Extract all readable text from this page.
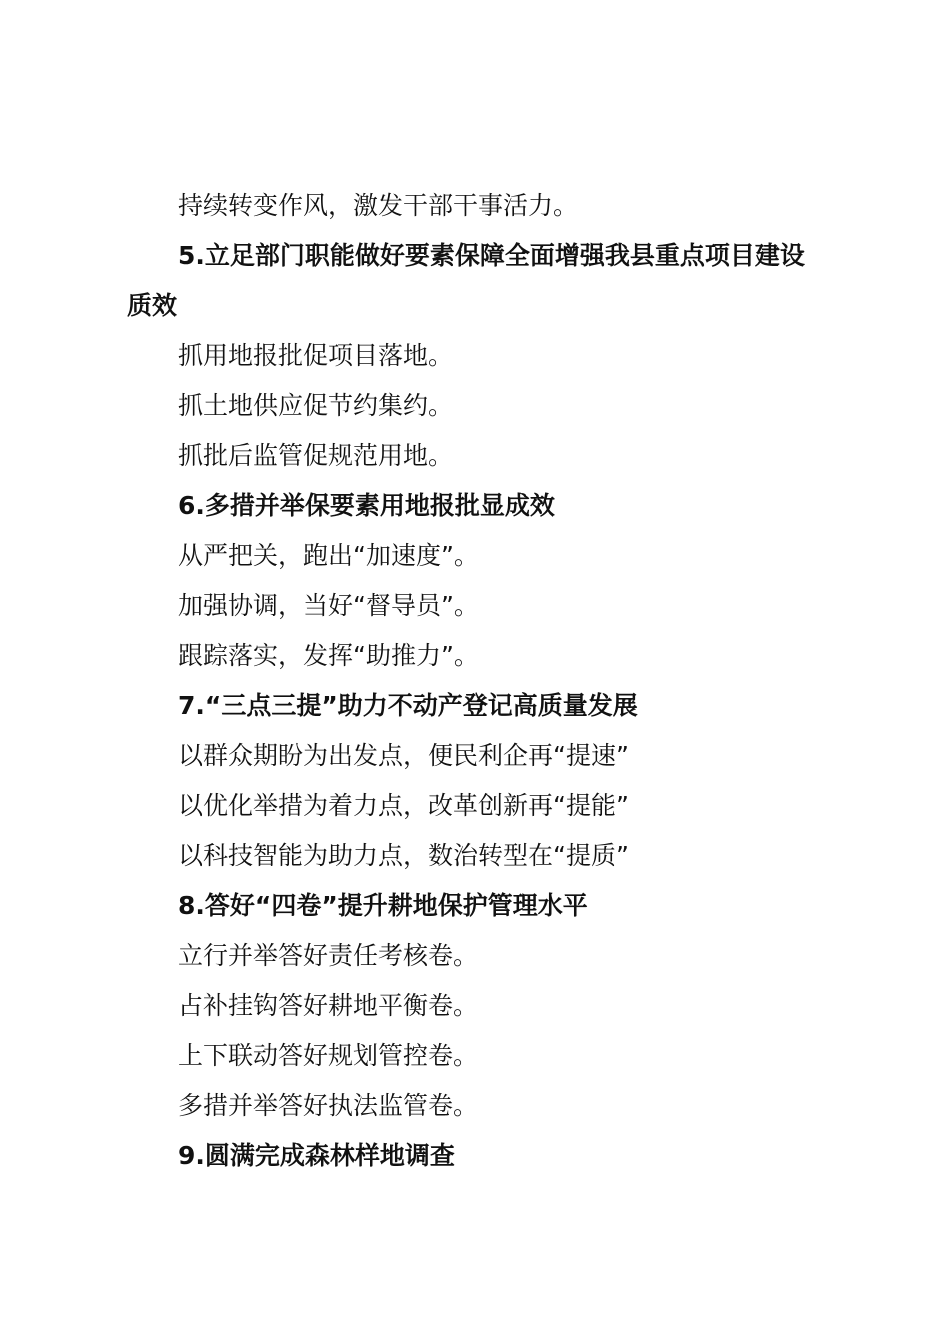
持续转变作风，激发干部干事活力。
5.立足部门职能做好要素保障全面增强我县重点项目建设
质效
抓用地报批促项目落地。
抓土地供应促节约集约。
抓批后监管促规范用地。
6.多措并举保要素用地报批显成效
从严把关，跑出“加速度”。
加强协调，当好“督导员”。
跟踪落实，发挥“助推力”。
7.“三点三提”助力不动产登记高质量发展
以群众期盼为出发点，便民利企再“提速”
以优化举措为着力点，改革创新再“提能”
以科技智能为助力点，数治转型在“提质”
8.答好“四卷”提升耕地保护管理水平
立行并举答好责任考核卷。
占补挂钩答好耕地平衡卷。
上下联动答好规划管控卷。
多措并举答好执法监管卷。
9.圆满完成森林样地调查
